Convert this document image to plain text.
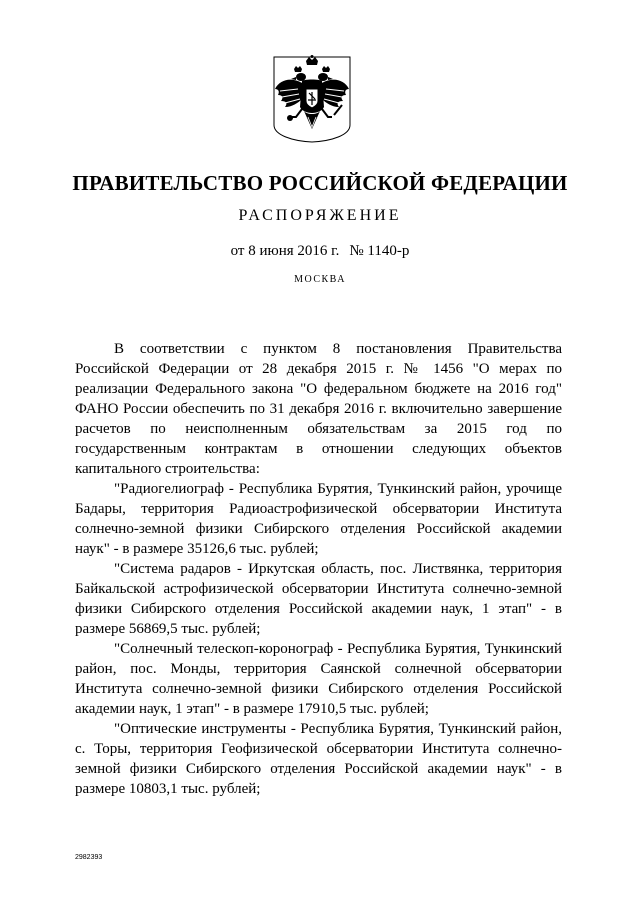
ПРАВИТЕЛЬСТВО РОССИЙСКОЙ ФЕДЕРАЦИИ
РАСПОРЯЖЕНИЕ
от 8 июня 2016 г. № 1140-р
МОСКВА

В соответствии с пунктом 8 постановления Правительства Российской Федерации от 28 декабря 2015 г. № 1456 "О мерах по реализации Федерального закона "О федеральном бюджете на 2016 год" ФАНО России обеспечить по 31 декабря 2016 г. включительно завершение расчетов по неисполненным обязательствам за 2015 год по государственным контрактам в отношении следующих объектов капитального строительства:

"Радиогелиограф - Республика Бурятия, Тункинский район, урочище Бадары, территория Радиоастрофизической обсерватории Института солнечно-земной физики Сибирского отделения Российской академии наук" - в размере 35126,6 тыс. рублей;

"Система радаров - Иркутская область, пос. Листвянка, территория Байкальской астрофизической обсерватории Института солнечно-земной физики Сибирского отделения Российской академии наук, 1 этап" - в размере 56869,5 тыс. рублей;

"Солнечный телескоп-коронограф - Республика Бурятия, Тункинский район, пос. Монды, территория Саянской солнечной обсерватории Института солнечно-земной физики Сибирского отделения Российской академии наук, 1 этап" - в размере 17910,5 тыс. рублей;

"Оптические инструменты - Республика Бурятия, Тункинский район, с. Торы, территория Геофизической обсерватории Института солнечно-земной физики Сибирского отделения Российской академии наук" - в размере 10803,1 тыс. рублей;

2982393
